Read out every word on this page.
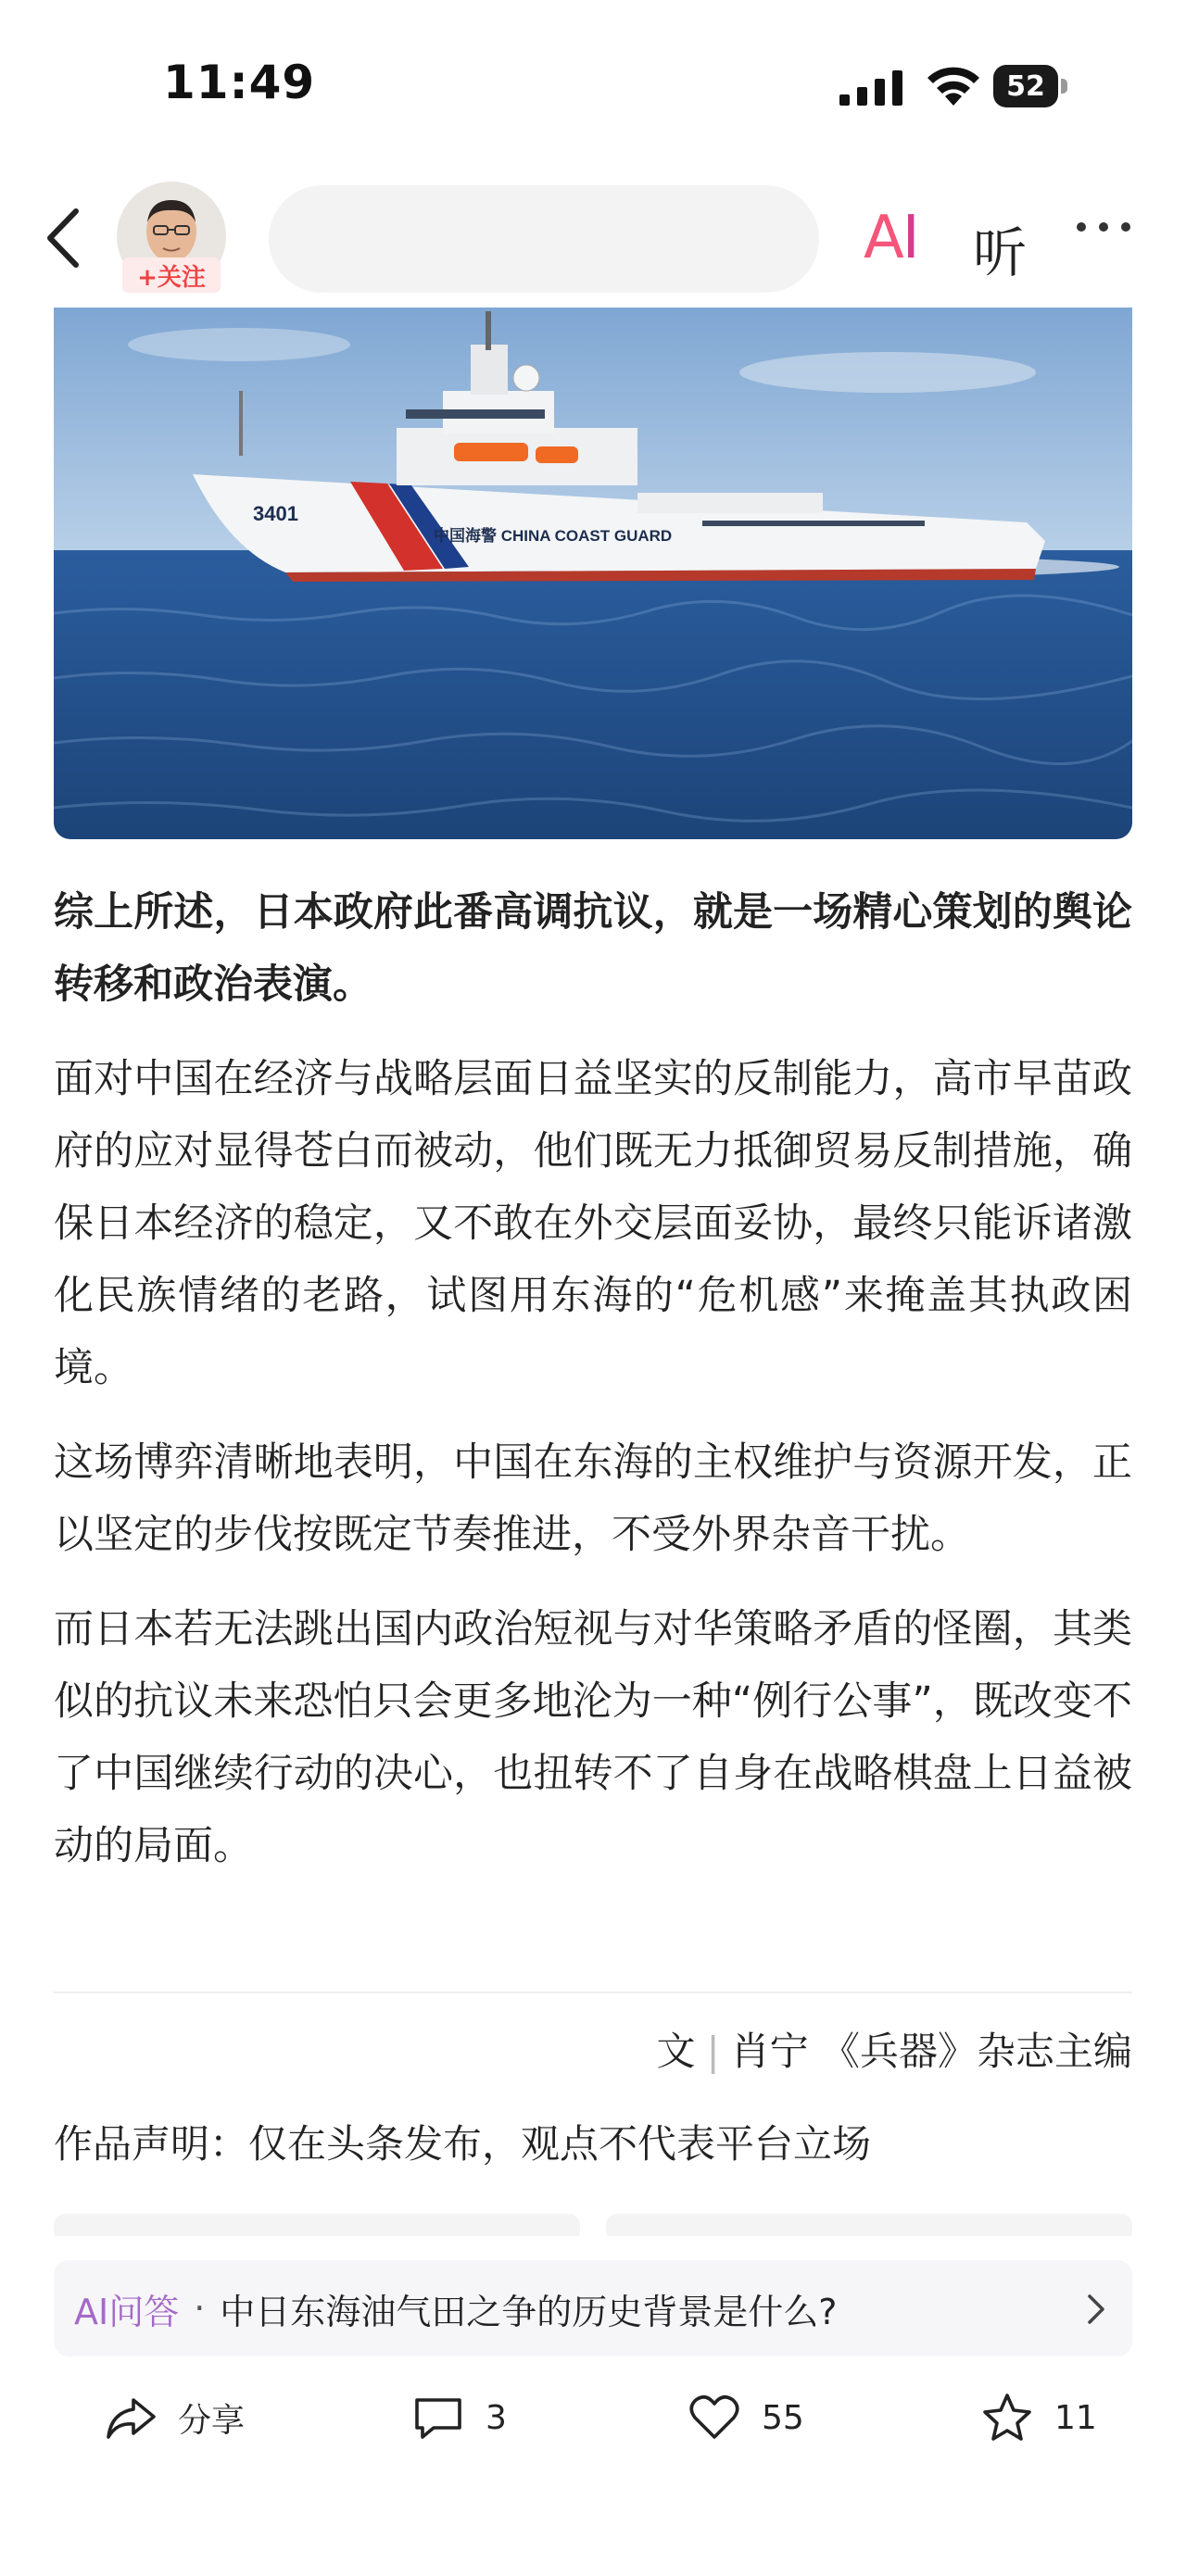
11:49	52
+关注
AI 听
3401
中国海警 CHINA COAST GUARD

综上所述，日本政府此番高调抗议，就是一场精心策划的舆论转移和政治表演。

面对中国在经济与战略层面日益坚实的反制能力，高市早苗政府的应对显得苍白而被动，他们既无力抵御贸易反制措施，确保日本经济的稳定，又不敢在外交层面妥协，最终只能诉诸激化民族情绪的老路，试图用东海的“危机感”来掩盖其执政困境。

这场博弈清晰地表明，中国在东海的主权维护与资源开发，正以坚定的步伐按既定节奏推进，不受外界杂音干扰。

而日本若无法跳出国内政治短视与对华策略矛盾的怪圈，其类似的抗议未来恐怕只会更多地沦为一种“例行公事”，既改变不了中国继续行动的决心，也扭转不了自身在战略棋盘上日益被动的局面。

文 | 肖宁 《兵器》杂志主编
作品声明：仅在头条发布，观点不代表平台立场
AI问答 · 中日东海油气田之争的历史背景是什么?
分享	3	55	11
